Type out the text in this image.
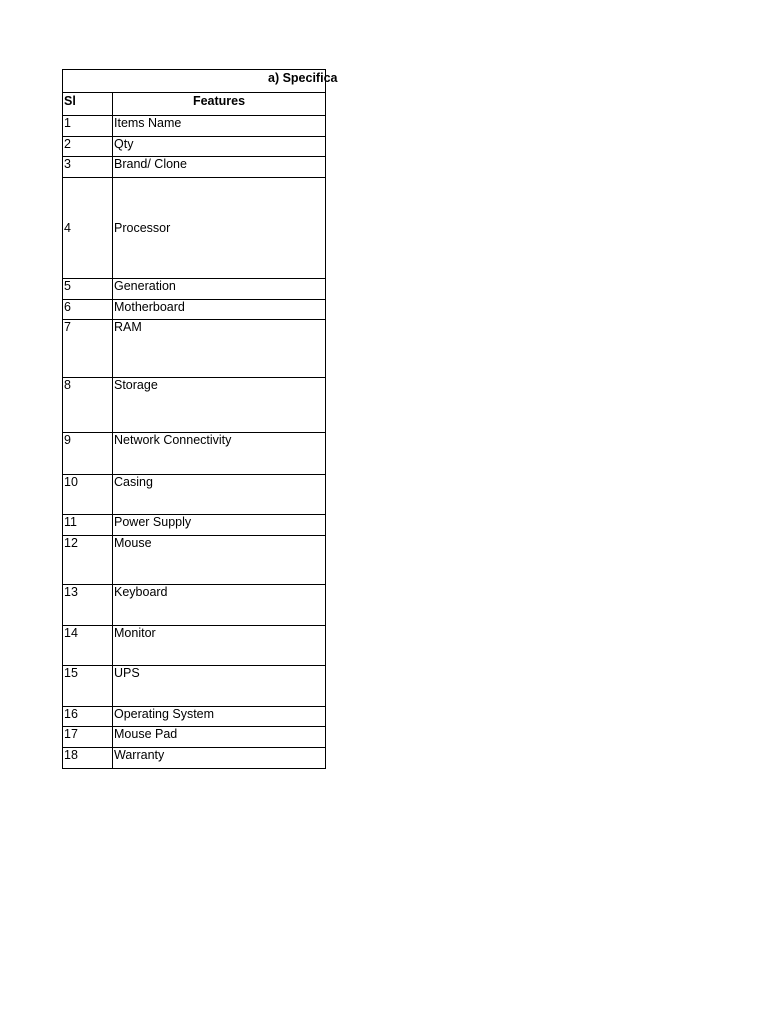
a) Specifica
Sl	Features
1	Items Name
2	Qty
3	Brand/ Clone
4	Processor
5	Generation
6	Motherboard
7	RAM
8	Storage
9	Network Connectivity
10	Casing
11	Power Supply
12	Mouse
13	Keyboard
14	Monitor
15	UPS
16	Operating System
17	Mouse Pad
18	Warranty
